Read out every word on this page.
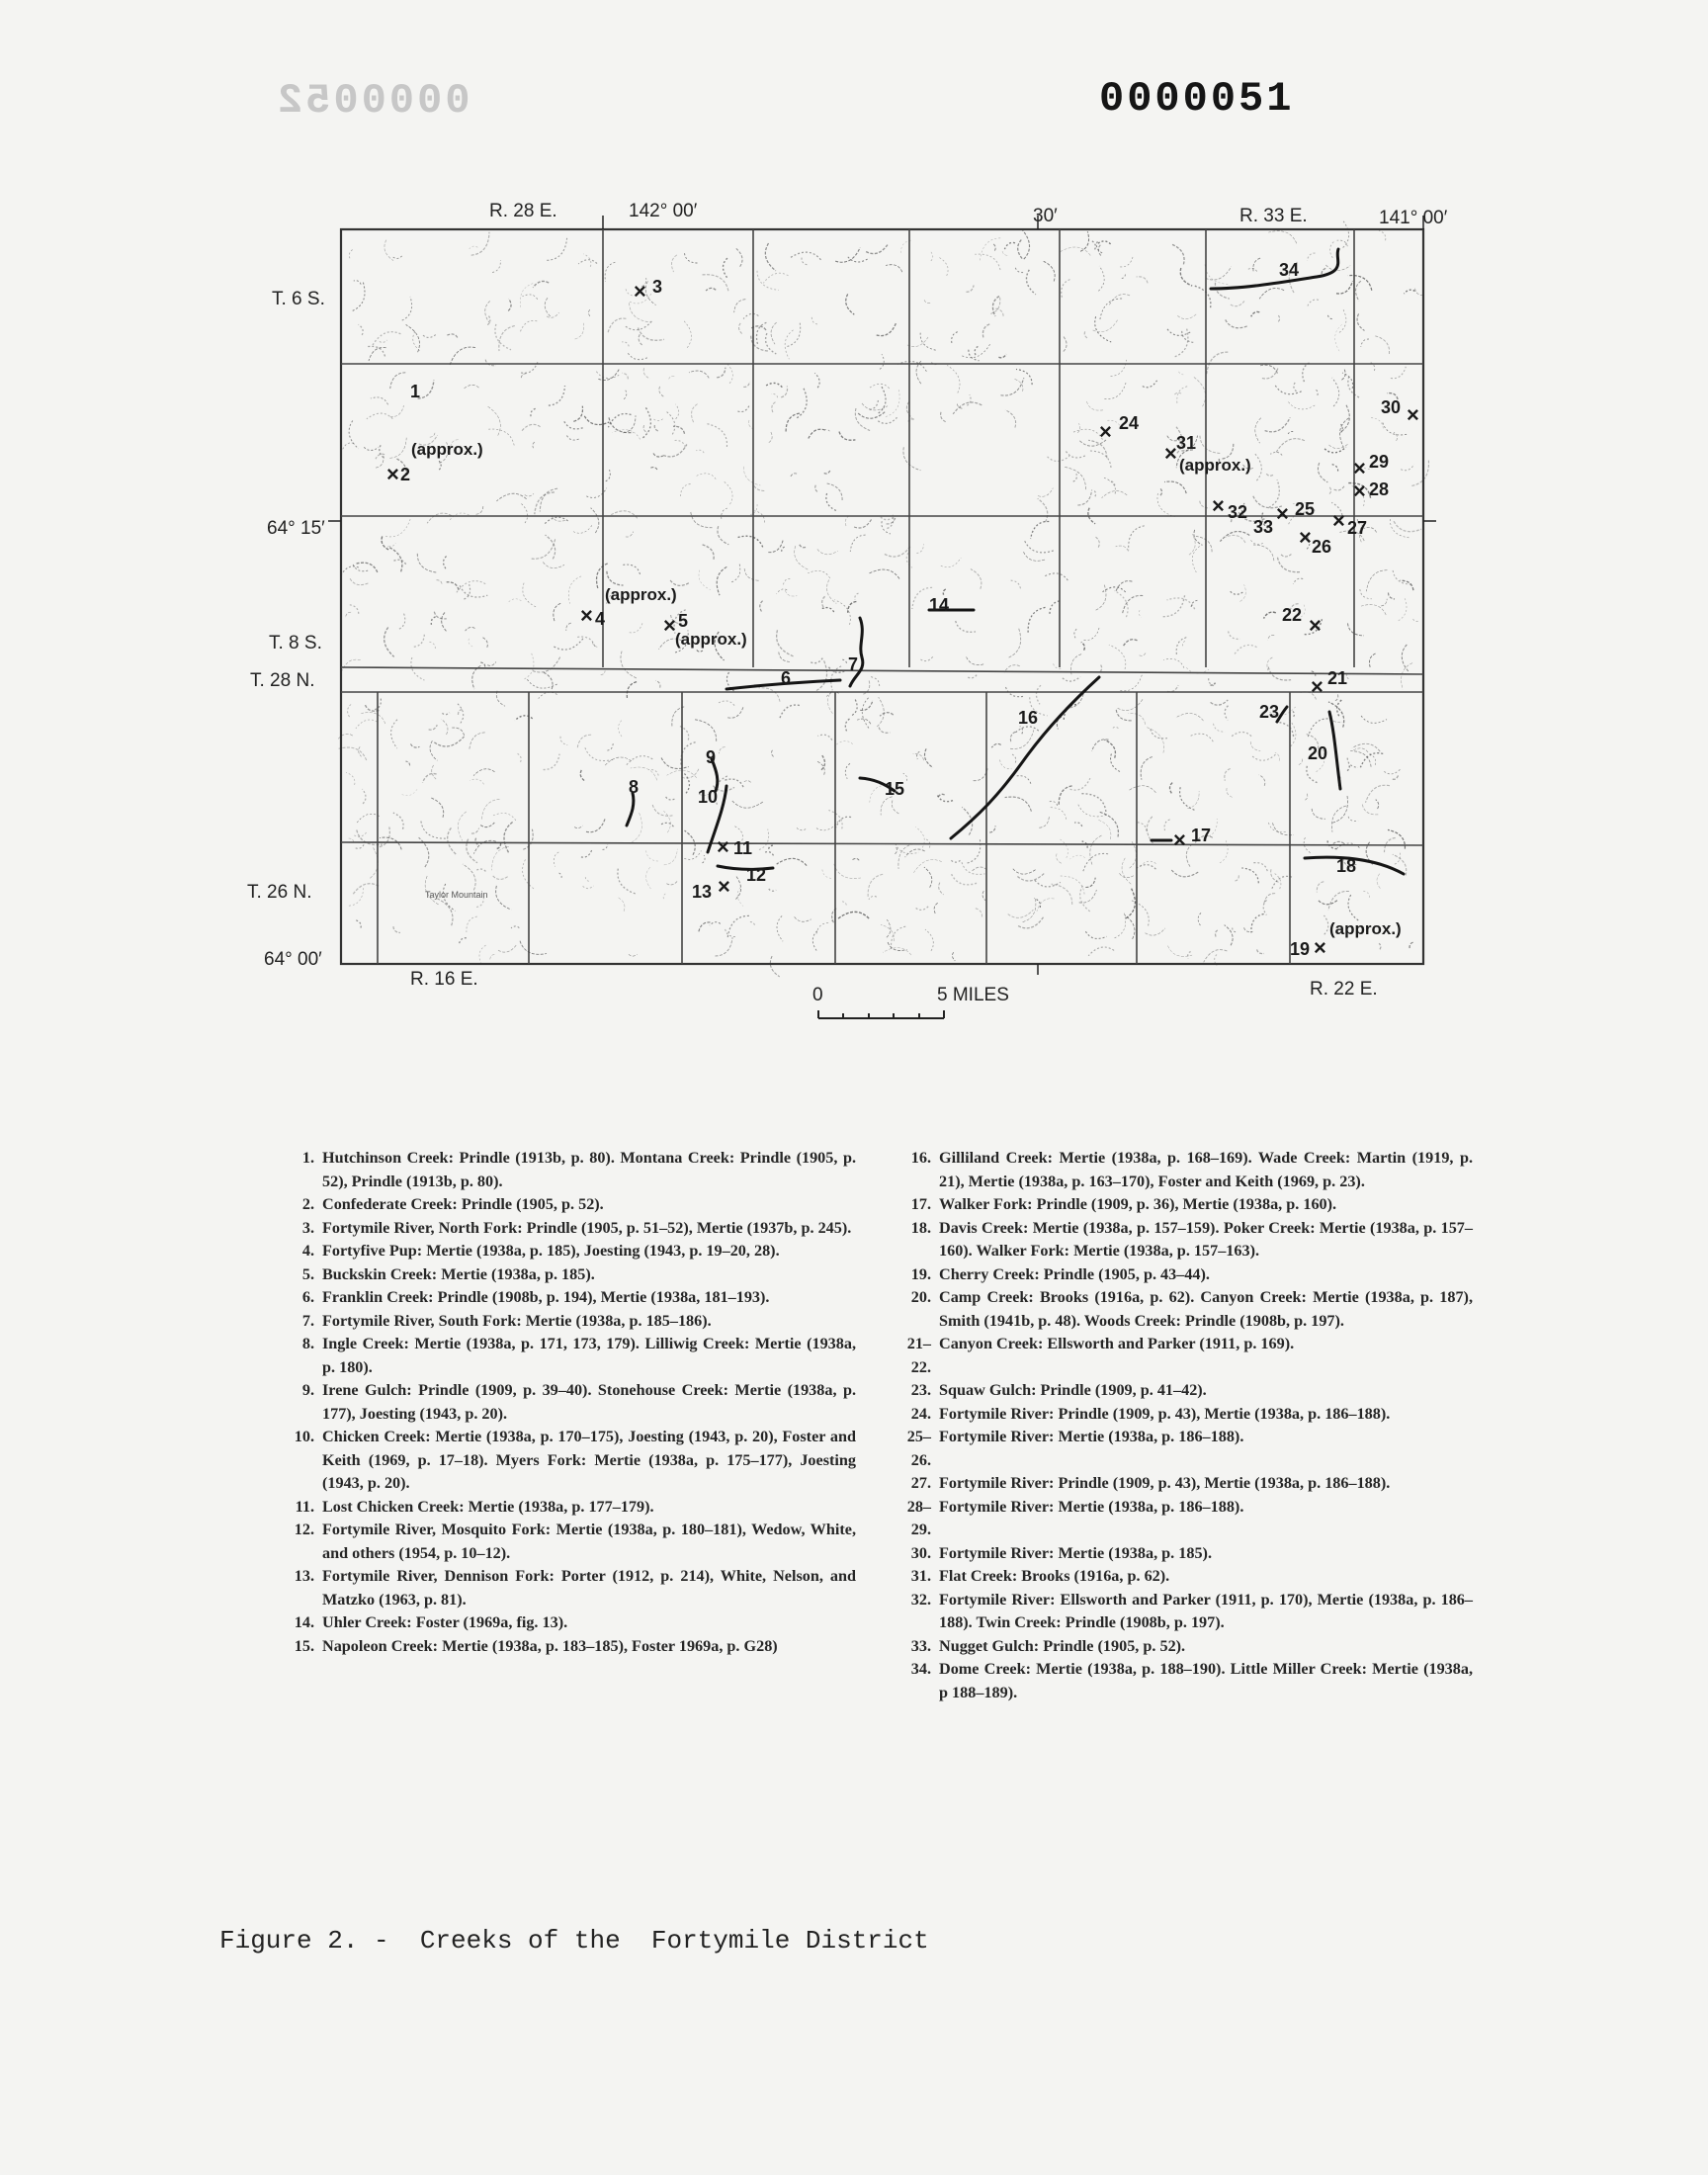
0000052	0000051
Taylor Mountain
R. 28 E.	142° 00′	30′	R. 33 E.	141° 00′
T. 6 S.
64° 15′
T. 8 S.
T. 28 N.
T. 26 N.
64° 00′
R. 16 E.	R. 22 E.
0	5 MILES
(approx.)
(approx.)
(approx.)
(approx.)
(approx.)
1
2
×
3
×
4
×	5
×
6
7
8
9
10
11
×
12
13 ×
14
15
16
17
×
18
19 ×
20
21
×
22 ×
23
24
×
25
×
26
× 27
×
28
×
29
×
30 ×
31
×
32
×
33
34
1. Hutchinson Creek: Prindle (1913b, p. 80). Montana Creek: Prindle (1905, p. 52), Prindle (1913b, p. 80).
2. Confederate Creek: Prindle (1905, p. 52).
3. Fortymile River, North Fork: Prindle (1905, p. 51–52), Mertie (1937b, p. 245).
4. Fortyfive Pup: Mertie (1938a, p. 185), Joesting (1943, p. 19–20, 28).
5. Buckskin Creek: Mertie (1938a, p. 185).
6. Franklin Creek: Prindle (1908b, p. 194), Mertie (1938a, 181–193).
7. Fortymile River, South Fork: Mertie (1938a, p. 185–186).
8. Ingle Creek: Mertie (1938a, p. 171, 173, 179). Lilliwig Creek: Mertie (1938a, p. 180).
9. Irene Gulch: Prindle (1909, p. 39–40). Stonehouse Creek: Mertie (1938a, p. 177), Joesting (1943, p. 20).
10. Chicken Creek: Mertie (1938a, p. 170–175), Joesting (1943, p. 20), Foster and Keith (1969, p. 17–18). Myers Fork: Mertie (1938a, p. 175–177), Joesting (1943, p. 20).
11. Lost Chicken Creek: Mertie (1938a, p. 177–179).
12. Fortymile River, Mosquito Fork: Mertie (1938a, p. 180–181), Wedow, White, and others (1954, p. 10–12).
13. Fortymile River, Dennison Fork: Porter (1912, p. 214), White, Nelson, and Matzko (1963, p. 81).
14. Uhler Creek: Foster (1969a, fig. 13).
15. Napoleon Creek: Mertie (1938a, p. 183–185), Foster 1969a, p. G28)
16. Gilliland Creek: Mertie (1938a, p. 168–169). Wade Creek: Martin (1919, p. 21), Mertie (1938a, p. 163–170), Foster and Keith (1969, p. 23).
17. Walker Fork: Prindle (1909, p. 36), Mertie (1938a, p. 160).
18. Davis Creek: Mertie (1938a, p. 157–159). Poker Creek: Mertie (1938a, p. 157–160). Walker Fork: Mertie (1938a, p. 157–163).
19. Cherry Creek: Prindle (1905, p. 43–44).
20. Camp Creek: Brooks (1916a, p. 62). Canyon Creek: Mertie (1938a, p. 187), Smith (1941b, p. 48). Woods Creek: Prindle (1908b, p. 197).
21–22.
Canyon Creek: Ellsworth and Parker (1911, p. 169).
23. Squaw Gulch: Prindle (1909, p. 41–42).
24. Fortymile River: Prindle (1909, p. 43), Mertie (1938a, p. 186–188).
25–26.
Fortymile River: Mertie (1938a, p. 186–188).
27. Fortymile River: Prindle (1909, p. 43), Mertie (1938a, p. 186–188).
28–29.
Fortymile River: Mertie (1938a, p. 186–188).
30. Fortymile River: Mertie (1938a, p. 185).
31. Flat Creek: Brooks (1916a, p. 62).
32. Fortymile River: Ellsworth and Parker (1911, p. 170), Mertie (1938a, p. 186–188). Twin Creek: Prindle (1908b, p. 197).
33. Nugget Gulch: Prindle (1905, p. 52).
34. Dome Creek: Mertie (1938a, p. 188–190). Little Miller Creek: Mertie (1938a, p 188–189).
Figure 2. -  Creeks of the  Fortymile District
